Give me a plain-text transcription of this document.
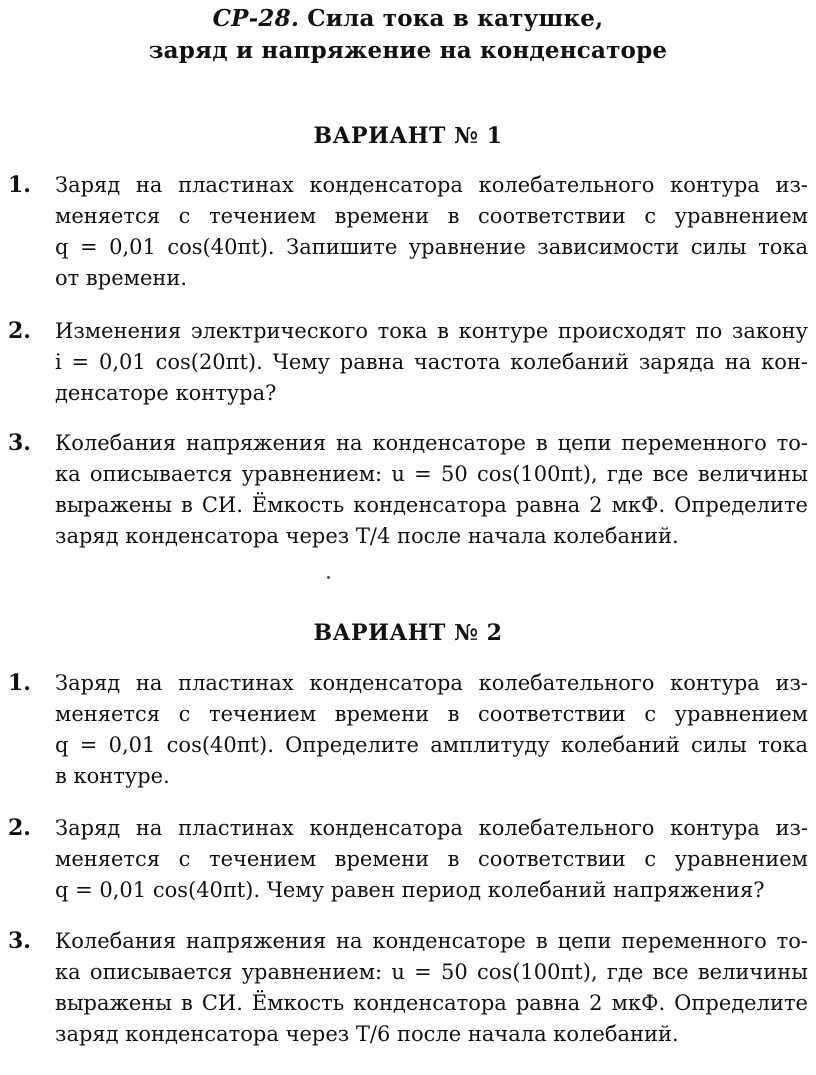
СР-28. Сила тока в катушке,
заряд и напряжение на конденсаторе
ВАРИАНТ № 1
1. Заряд на пластинах конденсатора колебательного контура из-
меняется с течением времени в соответствии с уравнением
q = 0,01 cos(40πt). Запишите уравнение зависимости силы тока
от времени.
2. Изменения электрического тока в контуре происходят по закону
i = 0,01 cos(20πt). Чему равна частота колебаний заряда на кон-
денсаторе контура?
3. Колебания напряжения на конденсаторе в цепи переменного то-
ка описывается уравнением: u = 50 cos(100πt), где все величины
выражены в СИ. Ёмкость конденсатора равна 2 мкФ. Определите
заряд конденсатора через T/4 после начала колебаний.
ВАРИАНТ № 2
1. Заряд на пластинах конденсатора колебательного контура из-
меняется с течением времени в соответствии с уравнением
q = 0,01 cos(40πt). Определите амплитуду колебаний силы тока
в контуре.
2. Заряд на пластинах конденсатора колебательного контура из-
меняется с течением времени в соответствии с уравнением
q = 0,01 cos(40πt). Чему равен период колебаний напряжения?
3. Колебания напряжения на конденсаторе в цепи переменного то-
ка описывается уравнением: u = 50 cos(100πt), где все величины
выражены в СИ. Ёмкость конденсатора равна 2 мкФ. Определите
заряд конденсатора через T/6 после начала колебаний.
